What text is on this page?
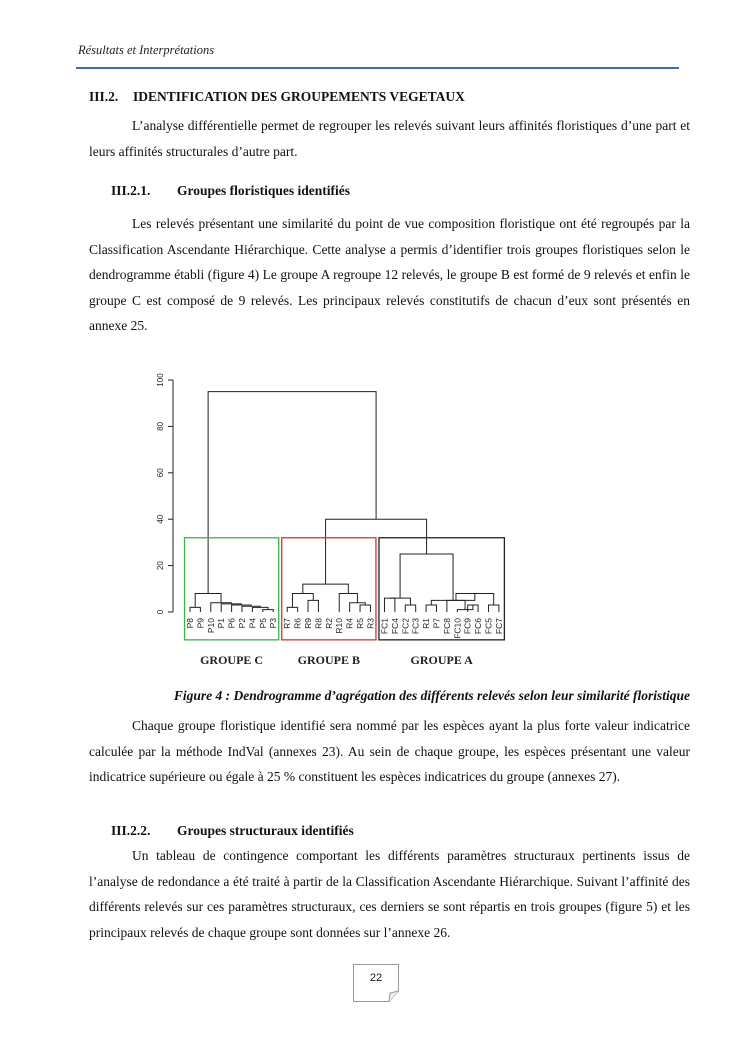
Résultats et Interprétations
III.2. IDENTIFICATION DES GROUPEMENTS VEGETAUX
L’analyse différentielle permet de regrouper les relevés suivant leurs affinités floristiques d’une part et leurs affinités structurales d’autre part.
III.2.1. Groupes floristiques identifiés
Les relevés présentant une similarité du point de vue composition floristique ont été regroupés par la Classification Ascendante Hiérarchique. Cette analyse a permis d’identifier trois groupes floristiques selon le dendrogramme établi (figure 4) Le groupe A regroupe 12 relevés, le groupe B est formé de 9 relevés et enfin le groupe C est composé de 9 relevés. Les principaux relevés constitutifs de chacun d’eux sont présentés en annexe 25.
0
20
40
60
80
100
P8 P9 P10 P1 P6 P2 P4 P5 P3 R7 R6 R9 R8 R2 R10 R4 R5 R3 FC1 FC4 FC2 FC3 R1 P7 FC8 FC10 FC9 FC6 FC5 FC7
GROUPE C	GROUPE B	GROUPE A
Figure 4 : Dendrogramme d’agrégation des différents relevés selon leur similarité floristique
Chaque groupe floristique identifié sera nommé par les espèces ayant la plus forte valeur indicatrice calculée par la méthode IndVal (annexes 23). Au sein de chaque groupe, les espèces présentant une valeur indicatrice supérieure ou égale à 25 % constituent les espèces indicatrices du groupe (annexes 27).
III.2.2. Groupes structuraux identifiés
Un tableau de contingence comportant les différents paramètres structuraux pertinents issus de l’analyse de redondance a été traité à partir de la Classification Ascendante Hiérarchique. Suivant l’affinité des différents relevés sur ces paramètres structuraux, ces derniers se sont répartis en trois groupes (figure 5) et les principaux relevés de chaque groupe sont données sur l’annexe 26.
22
